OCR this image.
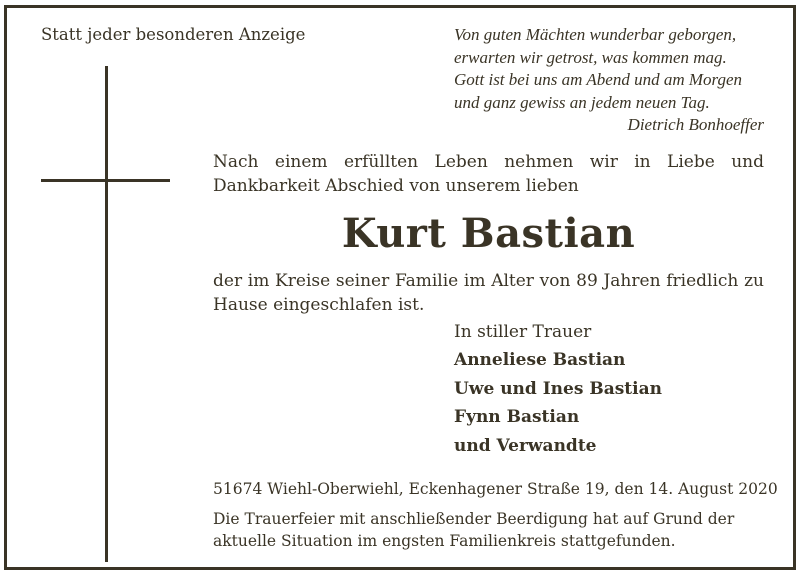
Statt jeder besonderen Anzeige	Von guten Mächten wunderbar geborgen,
erwarten wir getrost, was kommen mag.
Gott ist bei uns am Abend und am Morgen
und ganz gewiss an jedem neuen Tag.
Dietrich Bonhoeffer
Nach einem erfüllten Leben nehmen wir in Liebe und Dankbarkeit Abschied von unserem lieben
Kurt Bastian
der im Kreise seiner Familie im Alter von 89 Jahren friedlich zu Hause eingeschlafen ist.
In stiller Trauer
Anneliese Bastian
Uwe und Ines Bastian
Fynn Bastian
und Verwandte
51674 Wiehl-Oberwiehl, Eckenhagener Straße 19, den 14. August 2020
Die Trauerfeier mit anschließender Beerdigung hat auf Grund der aktuelle Situation im engsten Familienkreis stattgefunden.
